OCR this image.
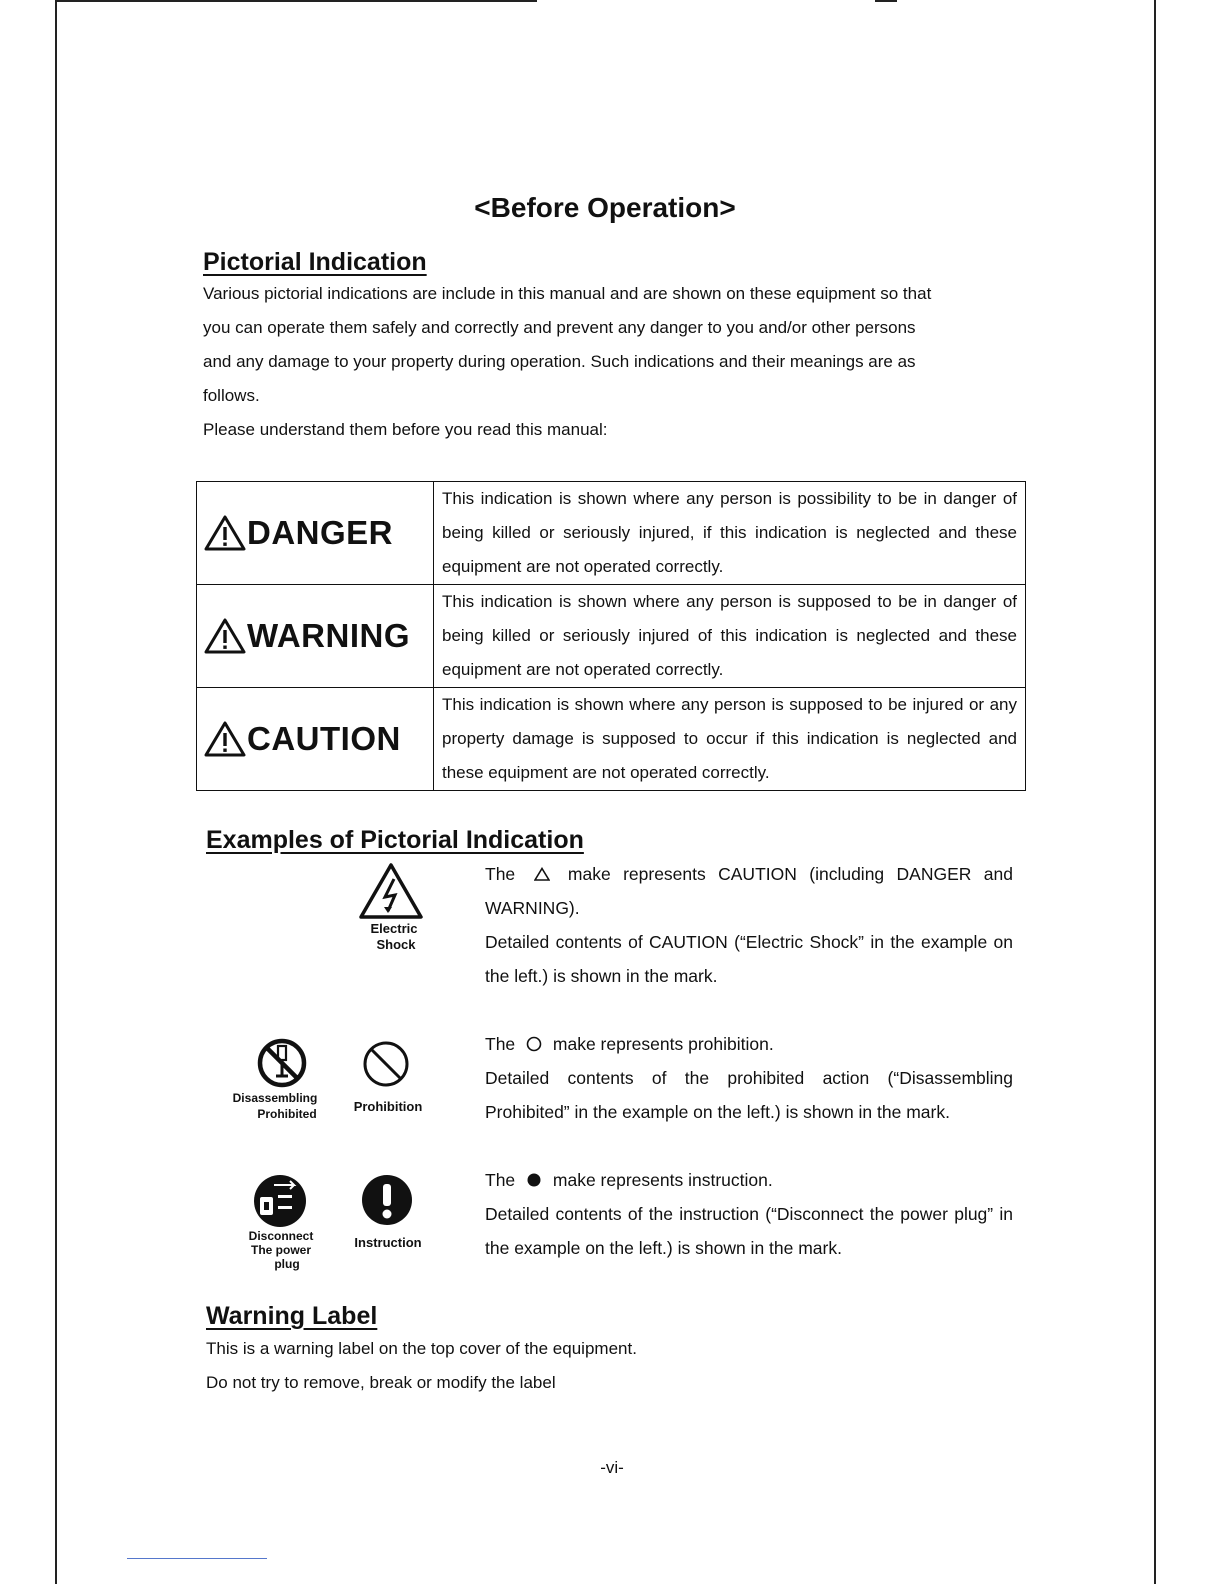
<Before Operation>
Pictorial Indication

Various pictorial indications are include in this manual and are shown on these equipment so that

you can operate them safely and correctly and prevent any danger to you and/or other persons

and any damage to your property during operation. Such indications and their meanings are as

follows.

Please understand them before you read this manual:

DANGER	This indication is shown where any person is possibility to be in danger of being killed or seriously injured, if this indication is neglected and these equipment are not operated correctly.

WARNING	This indication is shown where any person is supposed to be in danger of being killed or seriously injured of this indication is neglected and these equipment are not operated correctly.

CAUTION	This indication is shown where any person is supposed to be injured or any property damage is supposed to occur if this indication is neglected and these equipment are not operated correctly.
Examples of Pictorial Indication
Electric
Shock

The	make represents CAUTION (including DANGER and WARNING).

Detailed contents of CAUTION (“Electric Shock” in the example on the left.) is shown in the mark.

Disassembling
Prohibited	Prohibition

The make represents prohibition.

Detailed contents of the prohibited action (“Disassembling Prohibited” in the example on the left.) is shown in the mark.

Disconnect
The power
plug
Instruction

The make represents instruction.

Detailed contents of the instruction (“Disconnect the power plug” in the example on the left.) is shown in the mark.

Warning Label

This is a warning label on the top cover of the equipment.

Do not try to remove, break or modify the label

-vi-
